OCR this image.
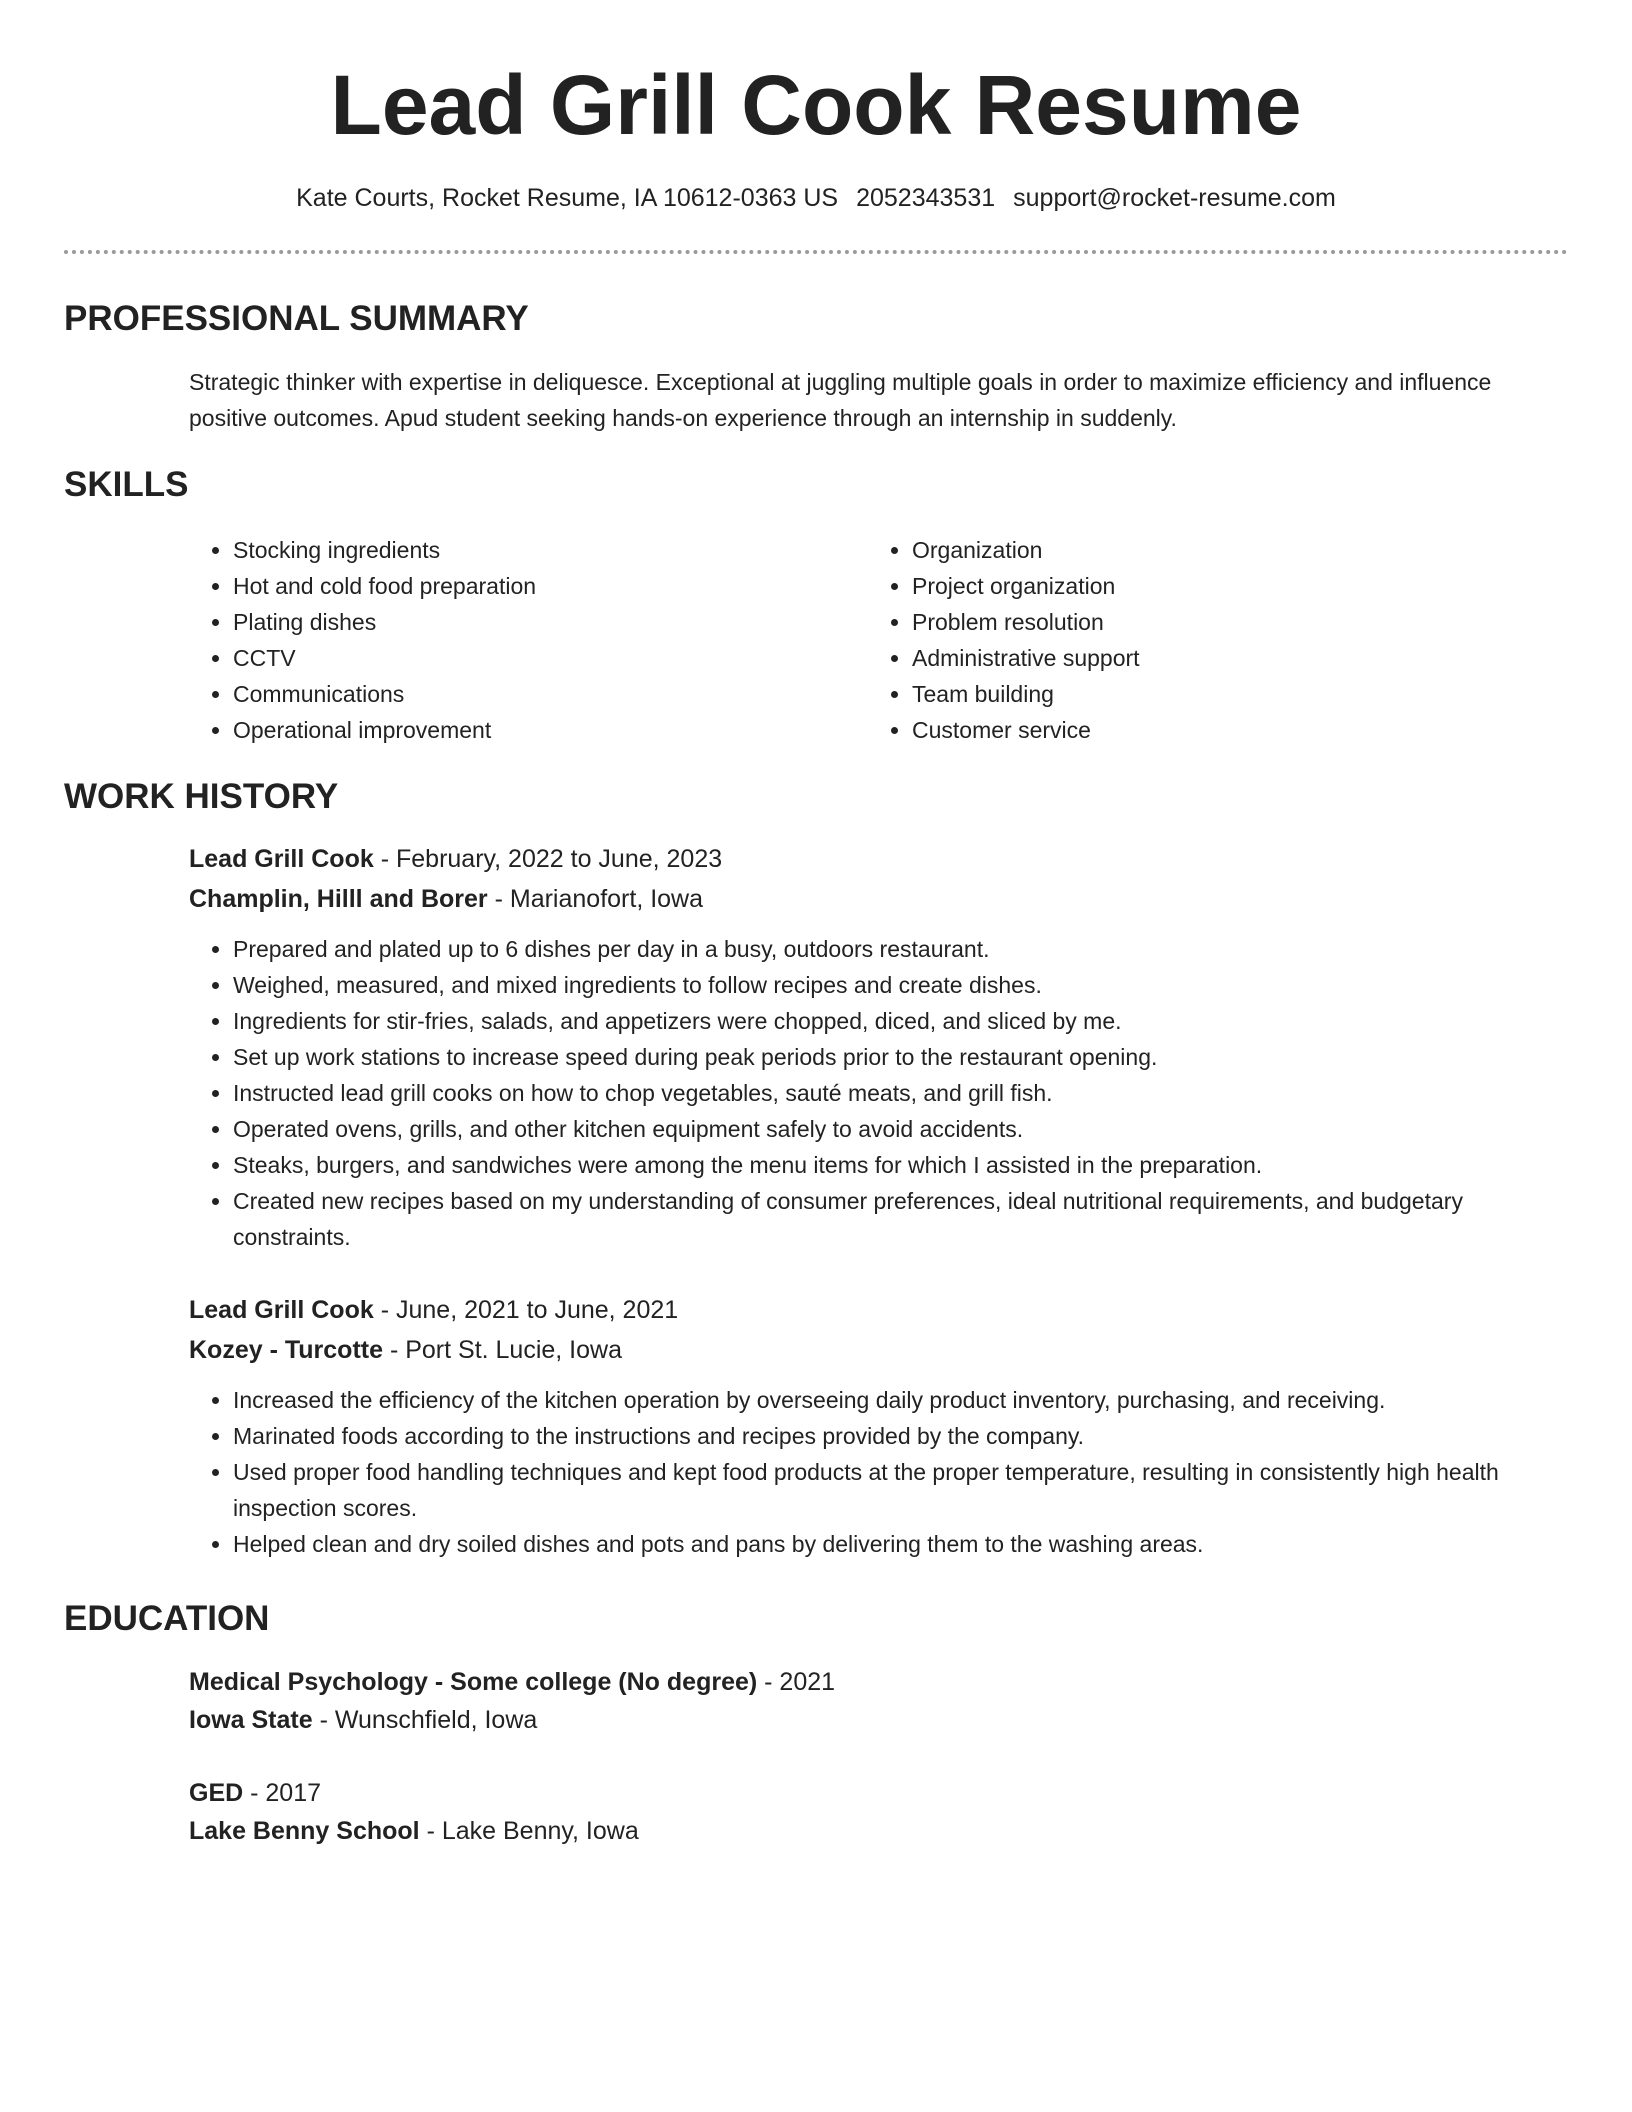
Lead Grill Cook Resume
Kate Courts, Rocket Resume, IA 10612-0363 US 2052343531 support@rocket-resume.com
PROFESSIONAL SUMMARY

Strategic thinker with expertise in deliquesce. Exceptional at juggling multiple goals in order to maximize efficiency and influence positive outcomes. Apud student seeking hands-on experience through an internship in suddenly.

SKILLS
• Stocking ingredients
• Hot and cold food preparation
• Plating dishes
• CCTV
• Communications
• Operational improvement
• Organization
• Project organization
• Problem resolution
• Administrative support
• Team building
• Customer service
WORK HISTORY
Lead Grill Cook - February, 2022 to June, 2023
Champlin, Hilll and Borer - Marianofort, Iowa
• Prepared and plated up to 6 dishes per day in a busy, outdoors restaurant.
• Weighed, measured, and mixed ingredients to follow recipes and create dishes.
• Ingredients for stir-fries, salads, and appetizers were chopped, diced, and sliced by me.
• Set up work stations to increase speed during peak periods prior to the restaurant opening.
• Instructed lead grill cooks on how to chop vegetables, sauté meats, and grill fish.
• Operated ovens, grills, and other kitchen equipment safely to avoid accidents.
• Steaks, burgers, and sandwiches were among the menu items for which I assisted in the preparation.
• Created new recipes based on my understanding of consumer preferences, ideal nutritional requirements, and budgetary constraints.
Lead Grill Cook - June, 2021 to June, 2021
Kozey - Turcotte - Port St. Lucie, Iowa
• Increased the efficiency of the kitchen operation by overseeing daily product inventory, purchasing, and receiving.
• Marinated foods according to the instructions and recipes provided by the company.
• Used proper food handling techniques and kept food products at the proper temperature, resulting in consistently high health inspection scores.
• Helped clean and dry soiled dishes and pots and pans by delivering them to the washing areas.
EDUCATION
Medical Psychology - Some college (No degree) - 2021
Iowa State - Wunschfield, Iowa
GED - 2017
Lake Benny School - Lake Benny, Iowa
